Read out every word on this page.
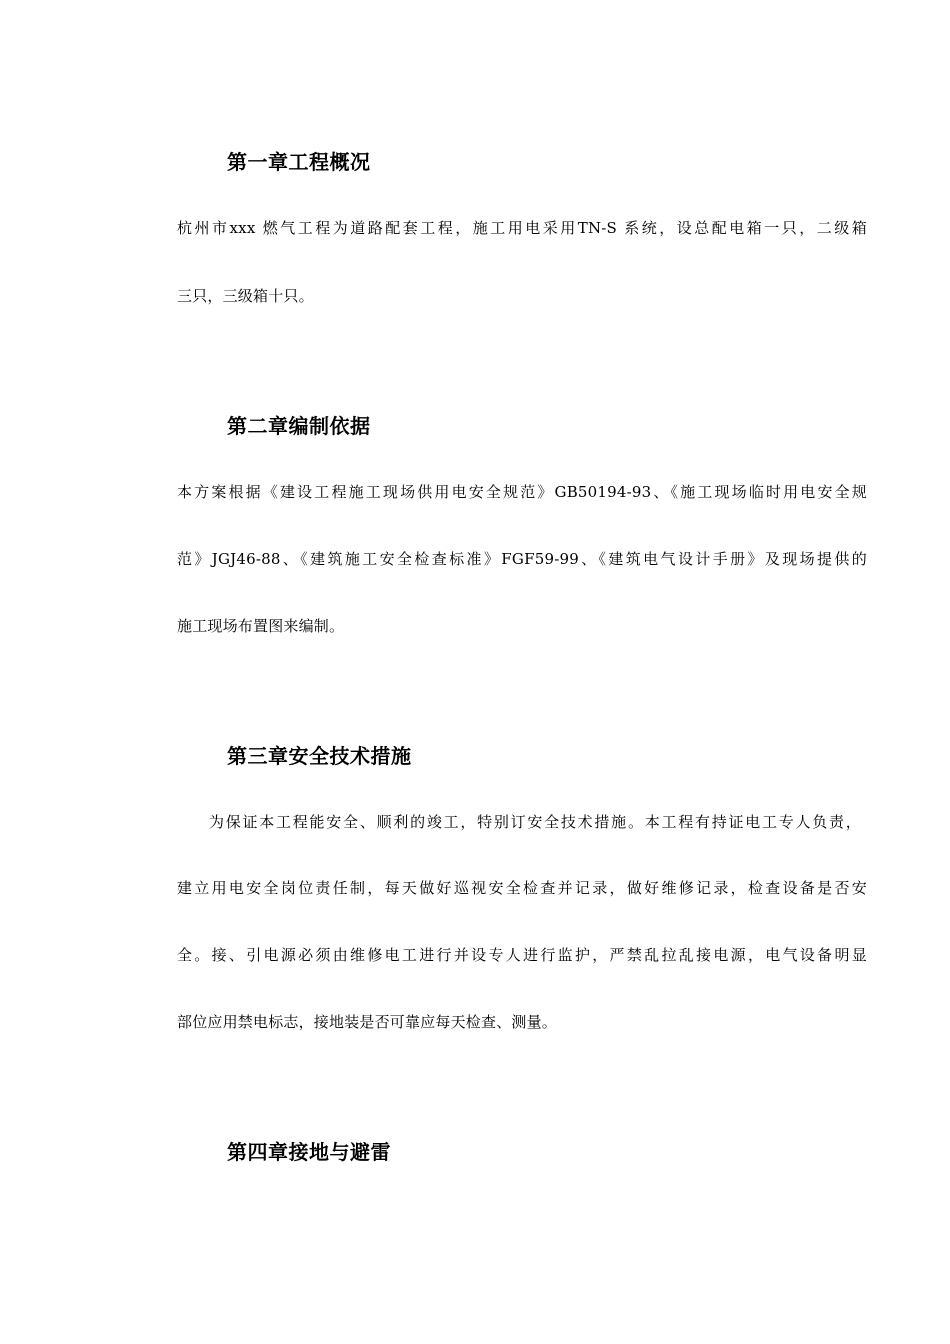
第一章工程概况

杭州市xxx 燃气工程为道路配套工程，施工用电采用TN-S 系统，设总配电箱一只，二级箱

三只，三级箱十只。

第二章编制依据

本方案根据《建设工程施工现场供用电安全规范》GB50194-93、《施工现场临时用电安全规

范》JGJ46-88、《建筑施工安全检查标准》FGF59-99、《建筑电气设计手册》及现场提供的

施工现场布置图来编制。

第三章安全技术措施

为保证本工程能安全、顺利的竣工，特别订安全技术措施。本工程有持证电工专人负责，

建立用电安全岗位责任制，每天做好巡视安全检查并记录，做好维修记录，检查设备是否安

全。接、引电源必须由维修电工进行并设专人进行监护，严禁乱拉乱接电源，电气设备明显

部位应用禁电标志，接地装是否可靠应每天检查、测量。

第四章接地与避雷
